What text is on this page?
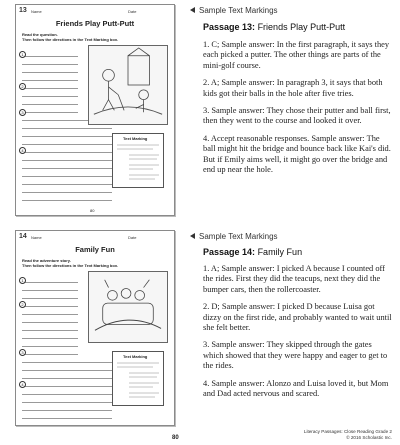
13 Name	Date
Friends Play Putt-Putt
Read the question.
Then follow the directions in the Text Marking box.
1
2
3
4
Text Marking
80
14 Name	Date
Family Fun
Read the adventure story.
Then follow the directions in the Text Marking box.
1
2
3
4
Text Marking
Sample Text Markings
Passage 13: Friends Play Putt-Putt

1. C; Sample answer: In the first paragraph, it says they each picked a putter. The other things are parts of the mini-golf course.

2. A; Sample answer: In paragraph 3, it says that both kids got their balls in the hole after five tries.

3. Sample answer: They chose their putter and ball first, then they went to the course and looked it over.

4. Accept reasonable responses. Sample answer: The ball might hit the bridge and bounce back like Kai's did. But if Emily aims well, it might go over the bridge and end up near the hole.

Sample Text Markings
Passage 14: Family Fun

1. A; Sample answer: I picked A because I counted off the rides. First they did the teacups, next they did the bumper cars, then the rollercoaster.

2. D; Sample answer: I picked D because Luisa got dizzy on the first ride, and probably wanted to wait until she felt better.

3. Sample answer: They skipped through the gates which showed that they were happy and eager to get to the rides.

4. Sample answer: Alonzo and Luisa loved it, but Mom and Dad acted nervous and scared.

80
Literacy Passages: Close Reading Grade 2
© 2016 Scholastic Inc.
